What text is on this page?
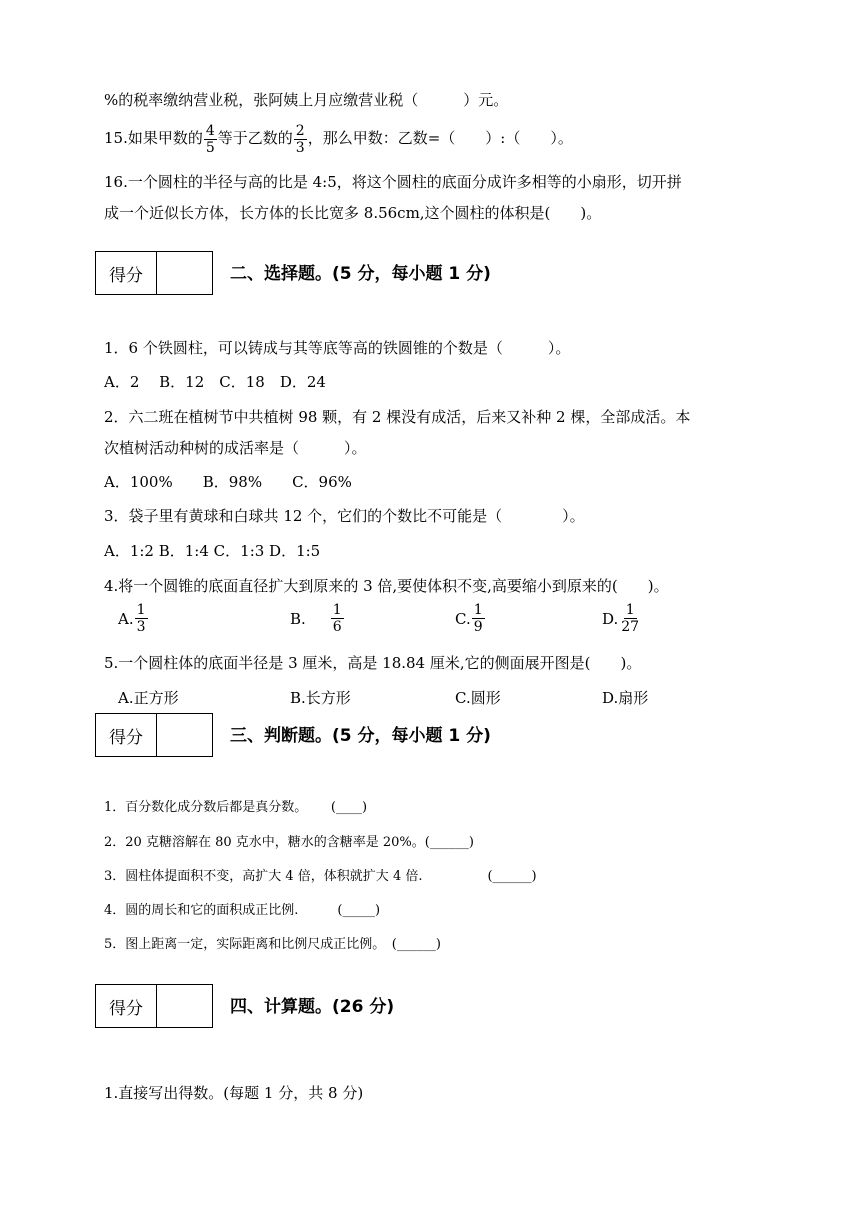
%的税率缴纳营业税，张阿姨上月应缴营业税（　　　）元。
15.如果甲数的 $\frac{4}{5}$ 等于乙数的 $\frac{2}{3}$ ，那么甲数：乙数=（　　）:（　　）。
16.一个圆柱的半径与高的比是 4:5，将这个圆柱的底面分成许多相等的小扇形，切开拼
成一个近似长方体，长方体的长比宽多 8.56cm,这个圆柱的体积是(　　)。
得分	二、选择题。(5 分，每小题 1 分)
1．6 个铁圆柱，可以铸成与其等底等高的铁圆锥的个数是（　　　）。
A．2　 B．12　C．18　D．24
2．六二班在植树节中共植树 98 颗，有 2 棵没有成活，后来又补种 2 棵，全部成活。本
次植树活动种树的成活率是（　　　）。
A．100%　　B．98%　　C．96%
3．袋子里有黄球和白球共 12 个，它们的个数比不可能是（　　　　）。
A．1:2 B．1:4 C．1:3 D．1:5
4.将一个圆锥的底面直径扩大到原来的 3 倍,要使体积不变,高要缩小到原来的(　　)。
A. $\frac{1}{3}$	B. $\frac{1}{6}$	C. $\frac{1}{9}$	D. $\frac{1}{27}$
5.一个圆柱体的底面半径是 3 厘米，高是 18.84 厘米,它的侧面展开图是(　　)。
A.正方形	B.长方形	C.圆形	D.扇形
得分	三、判断题。(5 分，每小题 1 分)
1．百分数化成分数后都是真分数。　　 (____)
2．20 克糖溶解在 80 克水中，糖水的含糖率是 20%。(______)
3．圆柱体提面积不变，高扩大 4 倍，体积就扩大 4 倍.　　　　　(______)
4．圆的周长和它的面积成正比例.　　　(_____)
5．图上距离一定，实际距离和比例尺成正比例。　(______)
得分	四、计算题。(26 分)
1.直接写出得数。(每题 1 分，共 8 分)
